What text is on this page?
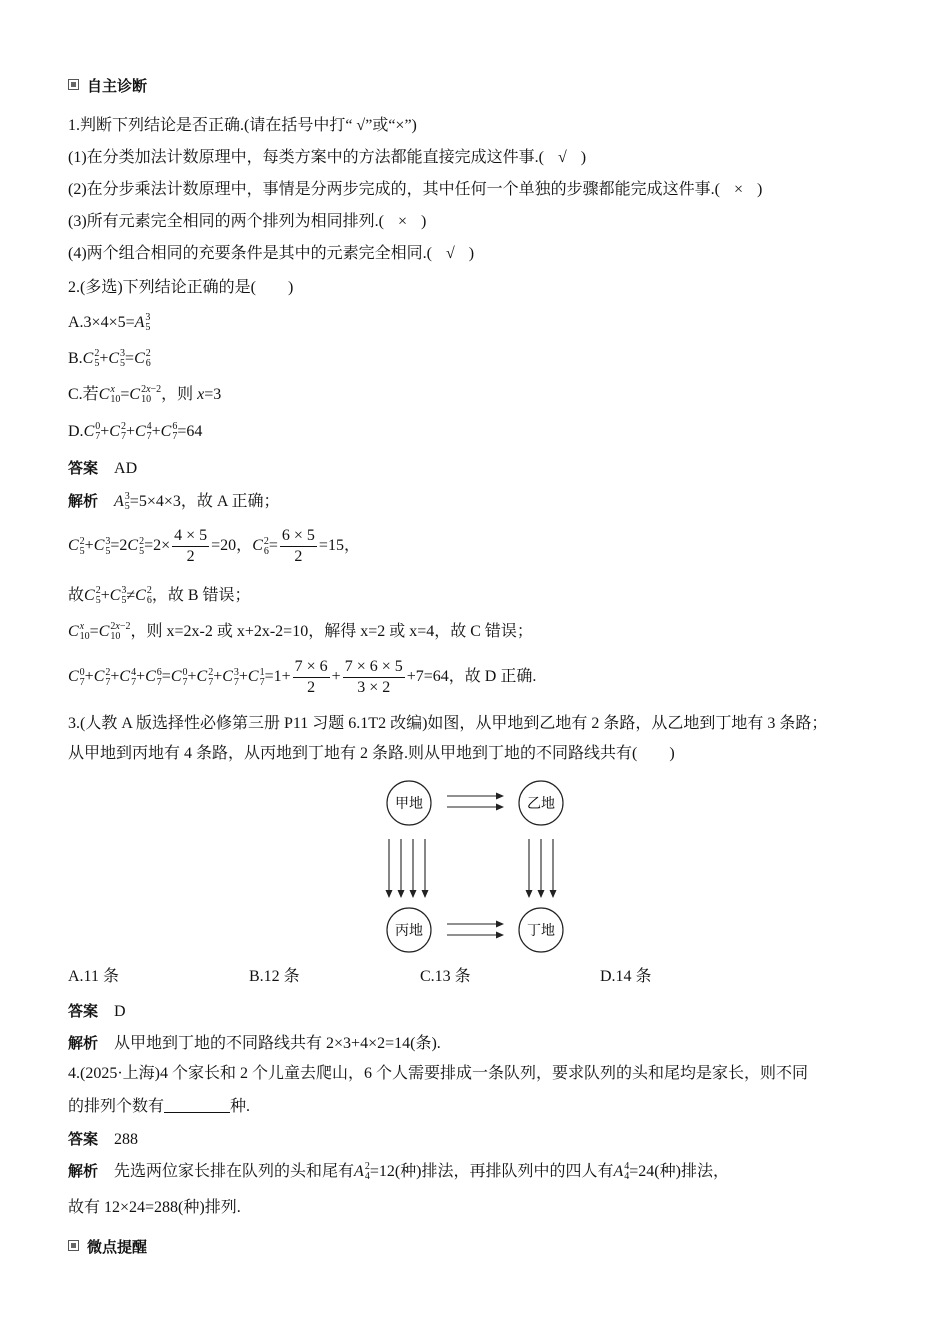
自主诊断
1.判断下列结论是否正确.(请在括号中打“ √”或“×”)
(1)在分类加法计数原理中，每类方案中的方法都能直接完成这件事.( √ )
(2)在分步乘法计数原理中，事情是分两步完成的，其中任何一个单独的步骤都能完成这件事.( × )
(3)所有元素完全相同的两个排列为相同排列.( × )
(4)两个组合相同的充要条件是其中的元素完全相同.( √ )
2.(多选)下列结论正确的是(　　)
A.3×4×5=A 3
5
B.C 2
5 +C 3
5 =C 2
6
C.若C x
10 =C 2x−2
10 ，则 x=3
D.C 0
7 +C 2
7 +C 4
7 +C 6
7 =64
答案 AD
解析 A 3
5 =5×4×3，故 A 正确；
C 2
5 +C 3
5 =2C 2
$5 =2\times \frac{4 \times 5}{2} =20$，C 2
$6 = \frac{6 \times 5}{2} =15$，
故C 2
5 +C 3
5 ≠C 2
6 ，故 B 错误；
C x
10 =C 2x−2
10 ，则 x=2x-2 或 x+2x-2=10，解得 x=2 或 x=4，故 C 错误；
C 0
7 +C 2
7 +C 4
7 +C 6
7 =C 0
7 +C 2
7 +C 3
7 +C 1
$7 =1+ \frac{7 \times 6}{2} + \frac{7 \times 6 \times 5}{3 \times 2} +7=64$，故 D 正确.
3.(人教 A 版选择性必修第三册 P11 习题 6.1T2 改编)如图，从甲地到乙地有 2 条路，从乙地到丁地有 3 条路；
从甲地到丙地有 4 条路，从丙地到丁地有 2 条路.则从甲地到丁地的不同路线共有(　　)
甲地	乙地
丙地	丁地
A.11 条	B.12 条	C.13 条	D.14 条
答案 D
解析 从甲地到丁地的不同路线共有 2×3+4×2=14(条).
4.(2025·上海)4 个家长和 2 个儿童去爬山，6 个人需要排成一条队列，要求队列的头和尾均是家长，则不同
的排列个数有	种.
答案 288
解析 先选两位家长排在队列的头和尾有A 2
4 =12(种)排法，再排队列中的四人有A 4
4 =24(种)排法，
故有 12×24=288(种)排列.
微点提醒
